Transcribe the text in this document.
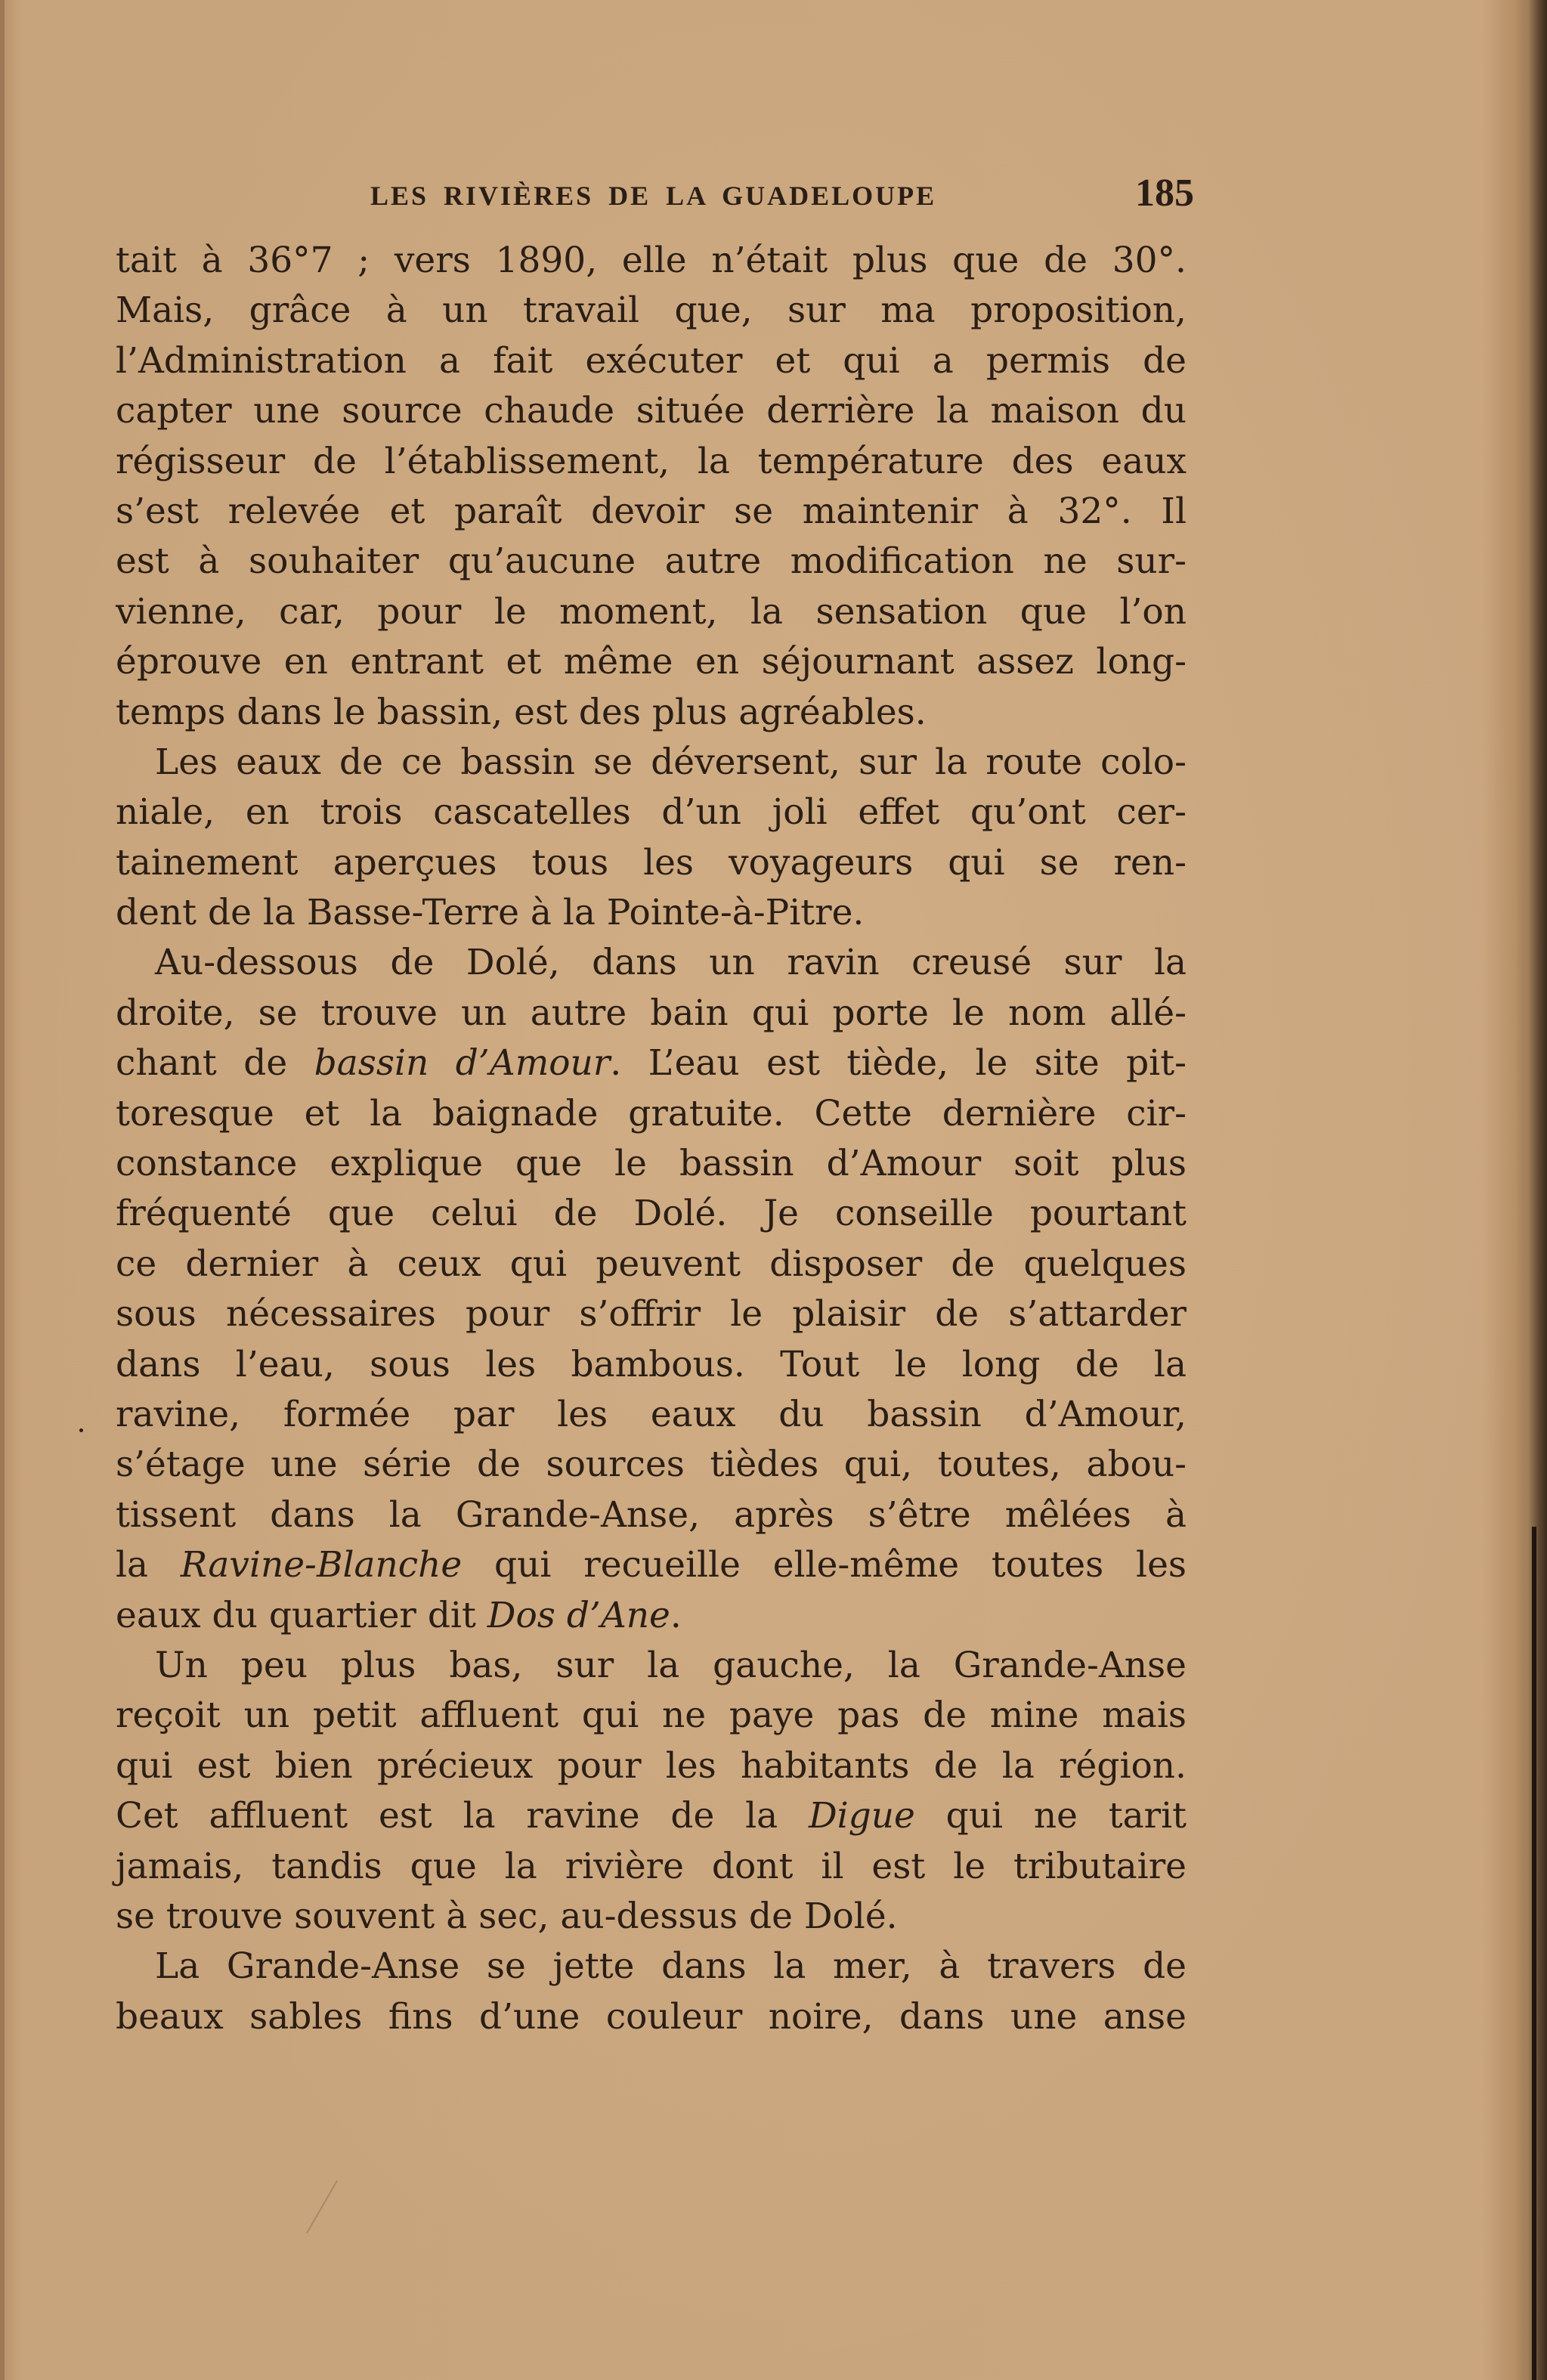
LES RIVIÈRES DE LA GUADELOUPE	185
tait à 36°7 ; vers 1890, elle n’était plus que de 30°.
Mais, grâce à un travail que, sur ma proposition,
l’Administration a fait exécuter et qui a permis de
capter une source chaude située derrière la maison du
régisseur de l’établissement, la température des eaux
s’est relevée et paraît devoir se maintenir à 32°. Il
est à souhaiter qu’aucune autre modification ne sur-
vienne, car, pour le moment, la sensation que l’on
éprouve en entrant et même en séjournant assez long-
temps dans le bassin, est des plus agréables.
Les eaux de ce bassin se déversent, sur la route colo-
niale, en trois cascatelles d’un joli effet qu’ont cer-
tainement aperçues tous les voyageurs qui se ren-
dent de la Basse-Terre à la Pointe-à-Pitre.
Au-dessous de Dolé, dans un ravin creusé sur la
droite, se trouve un autre bain qui porte le nom allé-
chant de bassin d’Amour. L’eau est tiède, le site pit-
toresque et la baignade gratuite. Cette dernière cir-
constance explique que le bassin d’Amour soit plus
fréquenté que celui de Dolé. Je conseille pourtant
ce dernier à ceux qui peuvent disposer de quelques
sous nécessaires pour s’offrir le plaisir de s’attarder
dans l’eau, sous les bambous. Tout le long de la
ravine, formée par les eaux du bassin d’Amour,
s’étage une série de sources tièdes qui, toutes, abou-
tissent dans la Grande-Anse, après s’être mêlées à
la Ravine-Blanche qui recueille elle-même toutes les
eaux du quartier dit Dos d’Ane.
Un peu plus bas, sur la gauche, la Grande-Anse
reçoit un petit affluent qui ne paye pas de mine mais
qui est bien précieux pour les habitants de la région.
Cet affluent est la ravine de la Digue qui ne tarit
jamais, tandis que la rivière dont il est le tributaire
se trouve souvent à sec, au-dessus de Dolé.
La Grande-Anse se jette dans la mer, à travers de
beaux sables fins d’une couleur noire, dans une anse
